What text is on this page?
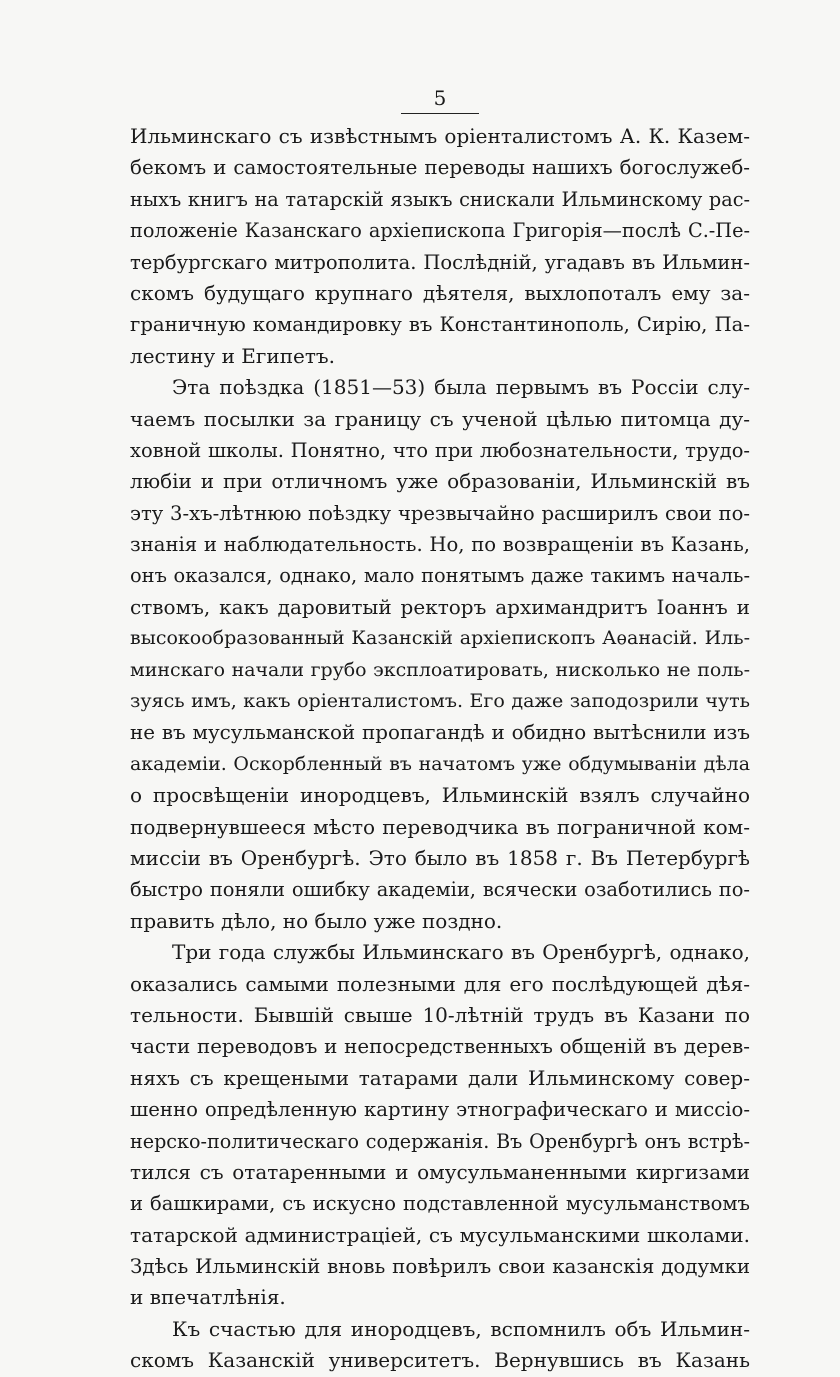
5
Ильминскаго съ извѣстнымъ оріенталистомъ А. К. Казем-
бекомъ и самостоятельные переводы нашихъ богослужеб-
ныхъ книгъ на татарскій языкъ снискали Ильминскому рас-
положеніе Казанскаго архіепископа Григорія—послѣ С.-Пе-
тербургскаго митрополита. Послѣдній, угадавъ въ Ильмин-
скомъ будущаго крупнаго дѣятеля, выхлопоталъ ему за-
граничную командировку въ Константинополь, Сирію, Па-
лестину и Египетъ.
Эта поѣздка (1851—53) была первымъ въ Россіи слу-
чаемъ посылки за границу съ ученой цѣлью питомца ду-
ховной школы. Понятно, что при любознательности, трудо-
любіи и при отличномъ уже образованіи, Ильминскій въ
эту 3-хъ-лѣтнюю поѣздку чрезвычайно расширилъ свои по-
знанія и наблюдательность. Но, по возвращеніи въ Казань,
онъ оказался, однако, мало понятымъ даже такимъ началь-
ствомъ, какъ даровитый ректоръ архимандритъ Іоаннъ и
высокообразованный Казанскій архіепископъ Аѳанасій. Иль-
минскаго начали грубо эксплоатировать, нисколько не поль-
зуясь имъ, какъ оріенталистомъ. Его даже заподозрили чуть
не въ мусульманской пропагандѣ и обидно вытѣснили изъ
академіи. Оскорбленный въ начатомъ уже обдумываніи дѣла
о просвѣщеніи инородцевъ, Ильминскій взялъ случайно
подвернувшееся мѣсто переводчика въ пограничной ком-
миссіи въ Оренбургѣ. Это было въ 1858 г. Въ Петербургѣ
быстро поняли ошибку академіи, всячески озаботились по-
править дѣло, но было уже поздно.
Три года службы Ильминскаго въ Оренбургѣ, однако,
оказались самыми полезными для его послѣдующей дѣя-
тельности. Бывшій свыше 10-лѣтній трудъ въ Казани по
части переводовъ и непосредственныхъ общеній въ дерев-
няхъ съ крещеными татарами дали Ильминскому совер-
шенно опредѣленную картину этнографическаго и миссіо-
нерско-политическаго содержанія. Въ Оренбургѣ онъ встрѣ-
тился съ отатаренными и омусульманенными киргизами
и башкирами, съ искусно подставленной мусульманствомъ
татарской администраціей, съ мусульманскими школами.
Здѣсь Ильминскій вновь повѣрилъ свои казанскія додумки
и впечатлѣнія.
Къ счастью для инородцевъ, вспомнилъ объ Ильмин-
скомъ Казанскій университетъ. Вернувшись въ Казань
